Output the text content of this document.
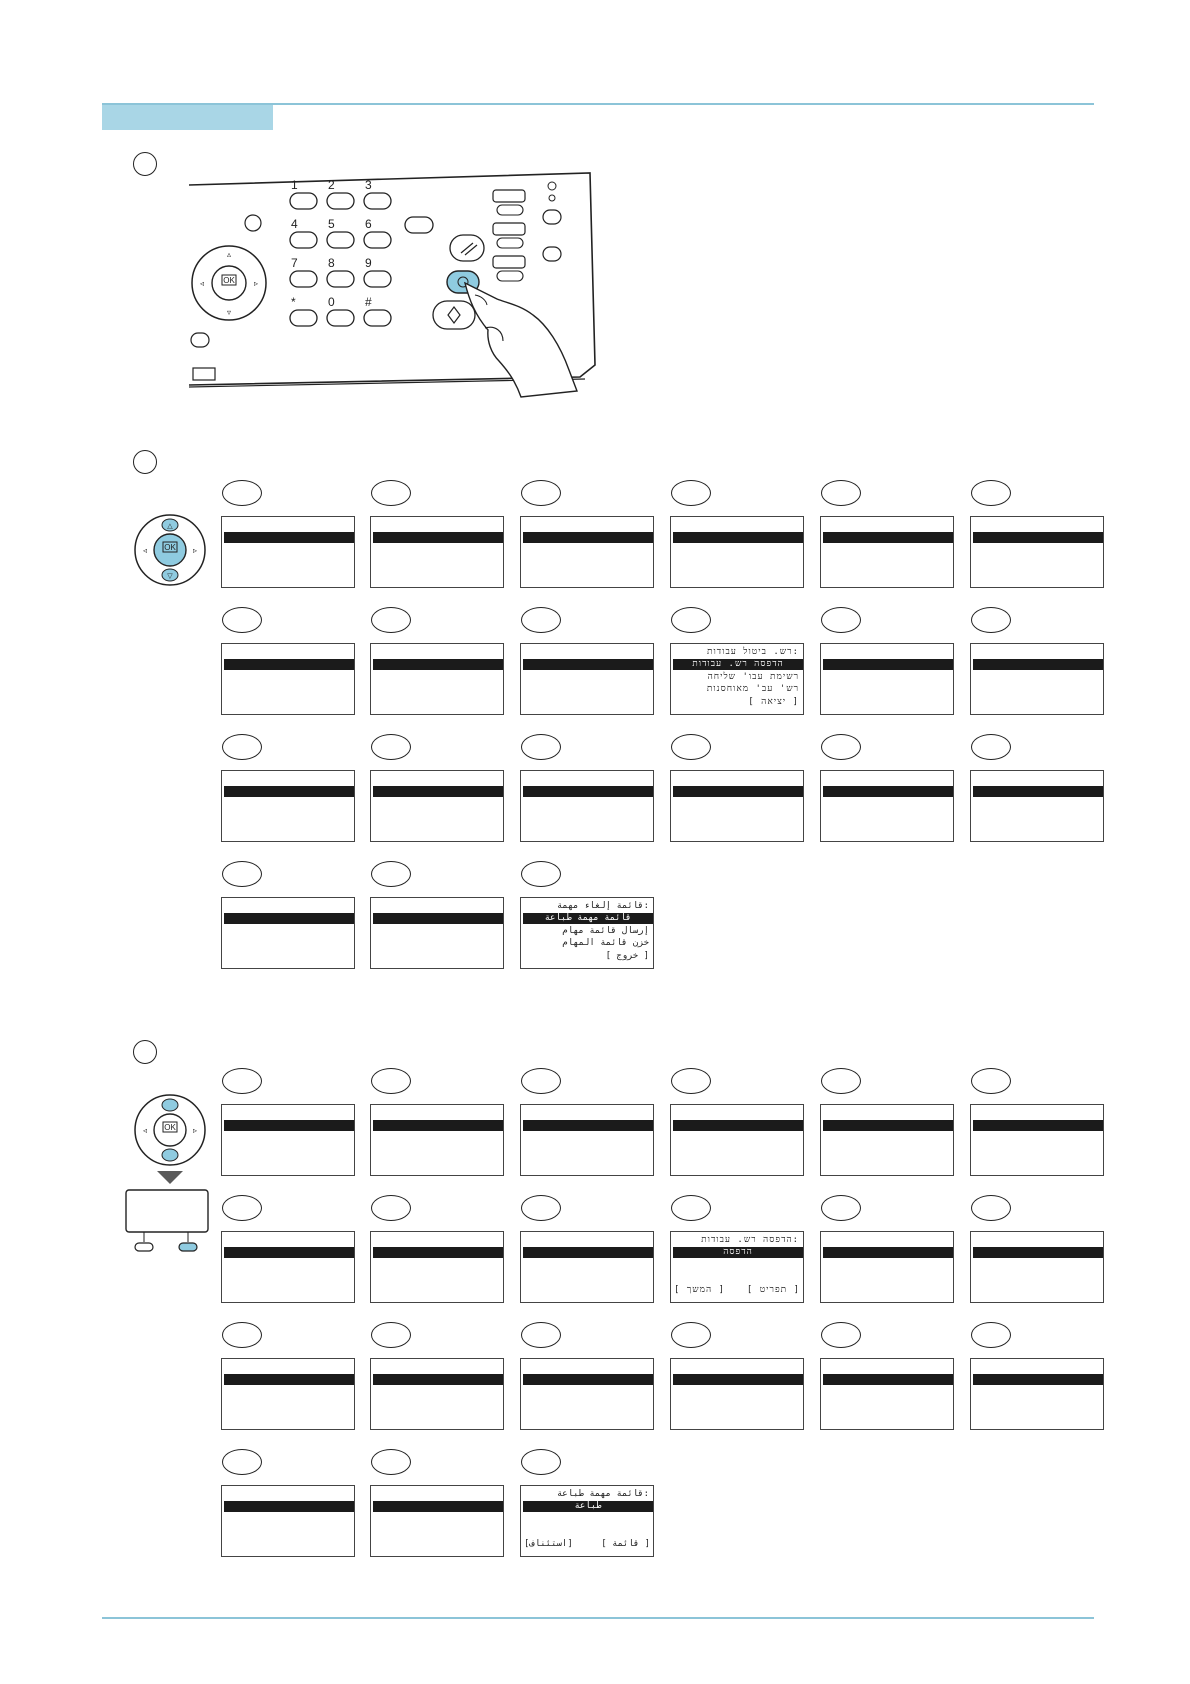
OK
▵
▿
◃	▹
1	2	3
4	5	6
7	8	9
*	0	#
OK
◃	▹
△
▽
רש. ביטול עבודות:
הדפסה רש. עבודות
רשימת עבו' שליחה
רש' עב' מאוחסנות
[ יציאה ]
قائمة إلغاء مهمة:
قائمة مهمة طباعة
إرسال قائمة مهام
خزن قائمة المهام
[ خروج ]
OK
◃	▹
הדפסה רש. עבודות:
הדפסה
[ המשך ] [ תפריט ]
قائمة مهمة طباعة:
طباعة
[استئناف]	[ قائمة ]
